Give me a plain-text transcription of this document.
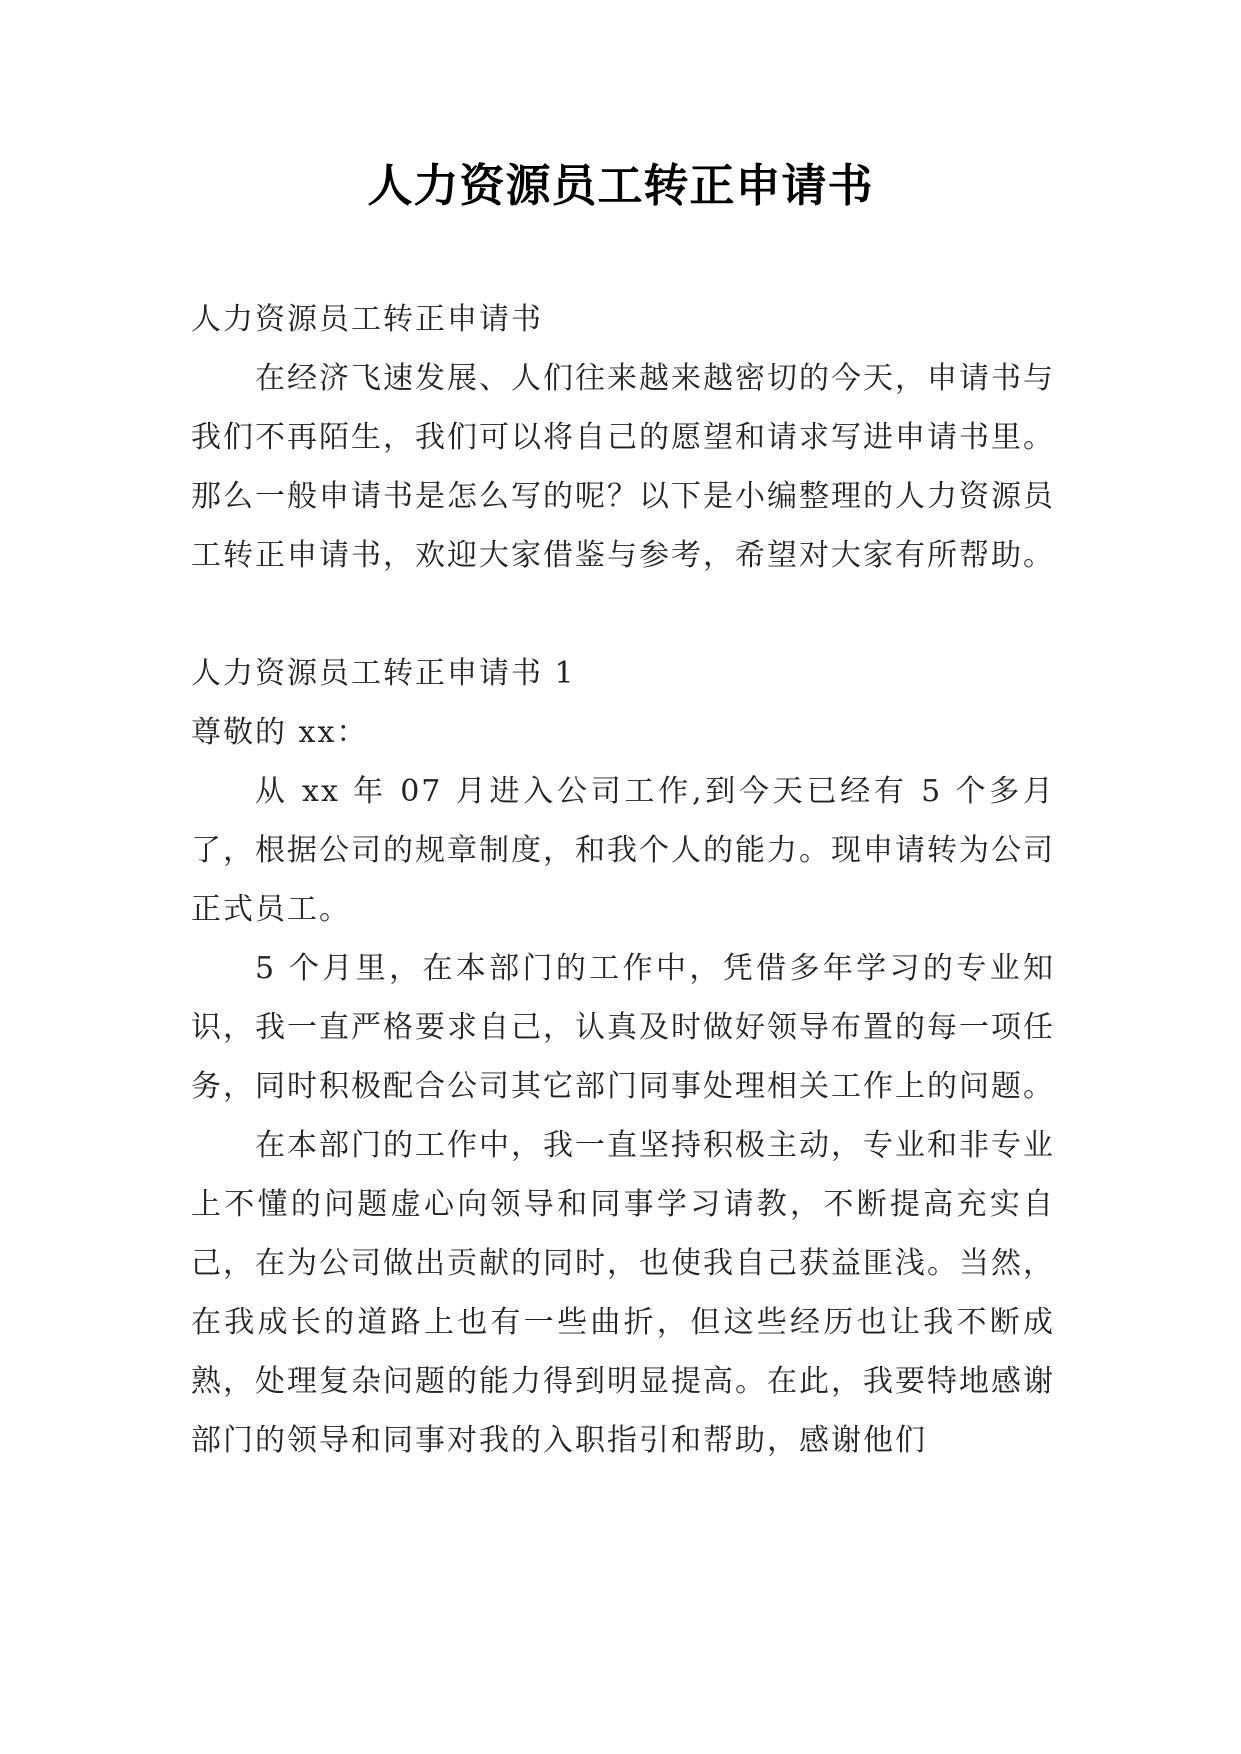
人力资源员工转正申请书

人力资源员工转正申请书

在经济飞速发展、人们往来越来越密切的今天，申请书与我们不再陌生，我们可以将自己的愿望和请求写进申请书里。那么一般申请书是怎么写的呢？以下是小编整理的人力资源员工转正申请书，欢迎大家借鉴与参考，希望对大家有所帮助。

人力资源员工转正申请书 1

尊敬的 xx：

从 xx 年 07 月进入公司工作,到今天已经有 5 个多月了，根据公司的规章制度，和我个人的能力。现申请转为公司正式员工。

5 个月里，在本部门的工作中，凭借多年学习的专业知识，我一直严格要求自己，认真及时做好领导布置的每一项任务，同时积极配合公司其它部门同事处理相关工作上的问题。

在本部门的工作中，我一直坚持积极主动，专业和非专业上不懂的问题虚心向领导和同事学习请教，不断提高充实自己，在为公司做出贡献的同时，也使我自己获益匪浅。当然，在我成长的道路上也有一些曲折，但这些经历也让我不断成熟，处理复杂问题的能力得到明显提高。在此，我要特地感谢部门的领导和同事对我的入职指引和帮助，感谢他们
